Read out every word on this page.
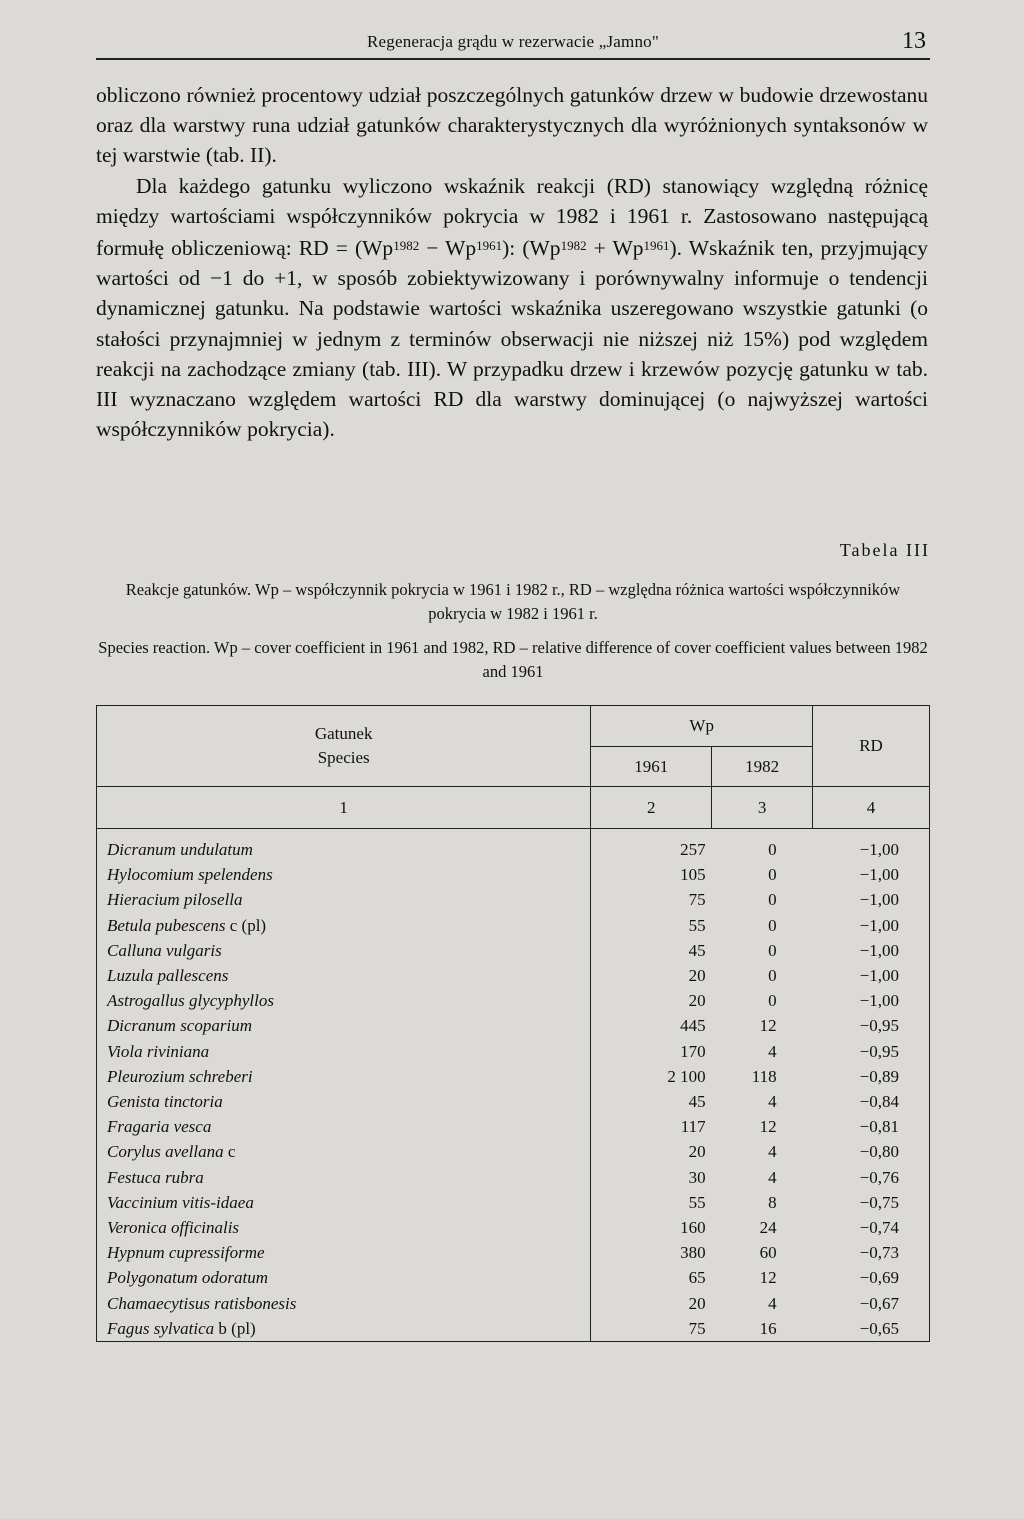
Regeneracja grądu w rezerwacie „Jamno"	13

obliczono również procentowy udział poszczególnych gatunków drzew w budowie drzewostanu oraz dla warstwy runa udział gatunków charakterystycznych dla wyróżnionych syntaksonów w tej warstwie (tab. II).

Dla każdego gatunku wyliczono wskaźnik reakcji (RD) stanowiący względną różnicę między wartościami współczynników pokrycia w 1982 i 1961 r. Zastosowano następującą formułę obliczeniową: RD = $(Wp^{1982} - Wp^{1961})$: $(Wp^{1982} + Wp^{1961})$. Wskaźnik ten, przyjmujący wartości od −1 do +1, w sposób zobiektywizowany i porównywalny informuje o tendencji dynamicznej gatunku. Na podstawie wartości wskaźnika uszeregowano wszystkie gatunki (o stałości przynajmniej w jednym z terminów obserwacji nie niższej niż 15%) pod względem reakcji na zachodzące zmiany (tab. III). W przypadku drzew i krzewów pozycję gatunku w tab. III wyznaczano względem wartości RD dla warstwy dominującej (o najwyższej wartości współczynników pokrycia).

Tabela III
Reakcje gatunków. Wp – współczynnik pokrycia w 1961 i 1982 r., RD – względna różnica wartości współczynników pokrycia w 1982 i 1961 r.
Species reaction. Wp – cover coefficient in 1961 and 1982, RD – relative difference of cover coefficient values between 1982 and 1961
Gatunek
Species	Wp		RD
	1961	1982	
1	2	3	4
Dicranum undulatum	257	0	−1,00
Hylocomium spelendens	105	0	−1,00
Hieracium pilosella	75	0	−1,00
Betula pubescens c (pl)	55	0	−1,00
Calluna vulgaris	45	0	−1,00
Luzula pallescens	20	0	−1,00
Astrogallus glycyphyllos	20	0	−1,00
Dicranum scoparium	445	12	−0,95
Viola riviniana	170	4	−0,95
Pleurozium schreberi	2 100	118	−0,89
Genista tinctoria	45	4	−0,84
Fragaria vesca	117	12	−0,81
Corylus avellana c	20	4	−0,80
Festuca rubra	30	4	−0,76
Vaccinium vitis-idaea	55	8	−0,75
Veronica officinalis	160	24	−0,74
Hypnum cupressiforme	380	60	−0,73
Polygonatum odoratum	65	12	−0,69
Chamaecytisus ratisbonesis	20	4	−0,67
Fagus sylvatica b (pl)	75	16	−0,65
